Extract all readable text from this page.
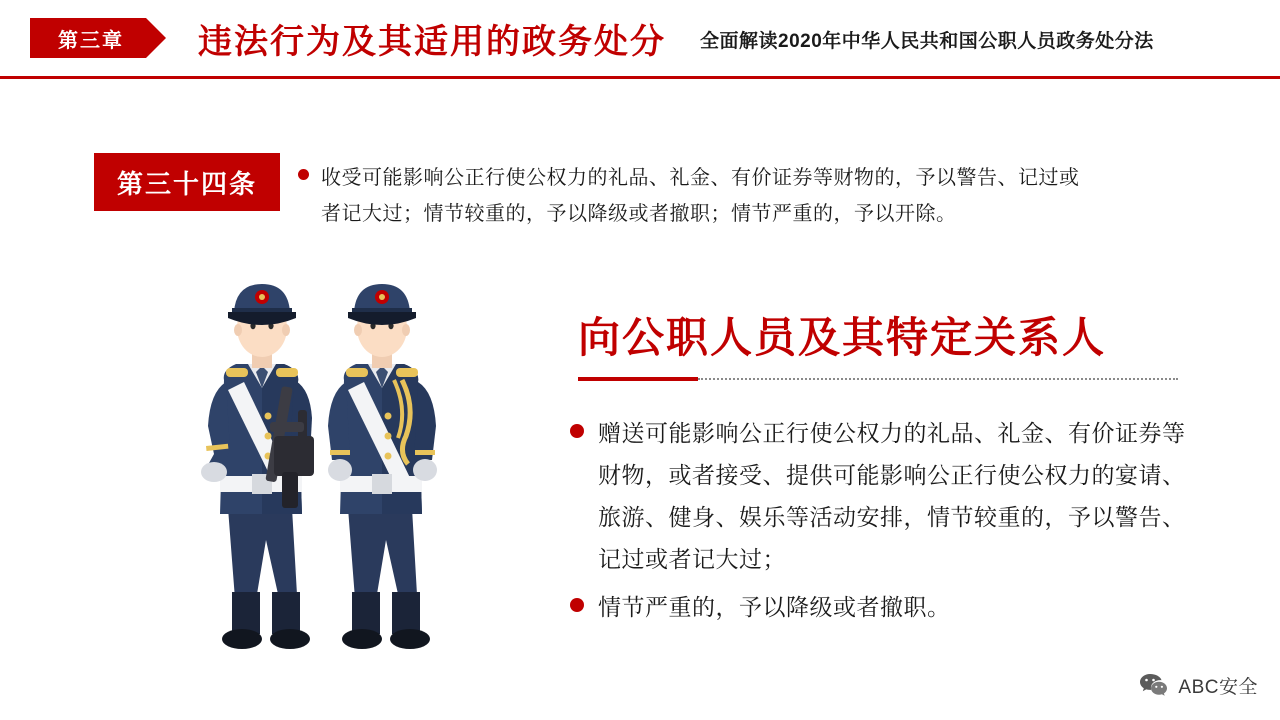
第三章	违法行为及其适用的政务处分 全面解读2020年中华人民共和国公职人员政务处分法
第三十四条	收受可能影响公正行使公权力的礼品、礼金、有价证券等财物的，予以警告、记过或者记大过；情节较重的，予以降级或者撤职；情节严重的，予以开除。
向公职人员及其特定关系人
赠送可能影响公正行使公权力的礼品、礼金、有价证券等财物，或者接受、提供可能影响公正行使公权力的宴请、旅游、健身、娱乐等活动安排，情节较重的，予以警告、记过或者记大过；
情节严重的，予以降级或者撤职。
ABC安全
